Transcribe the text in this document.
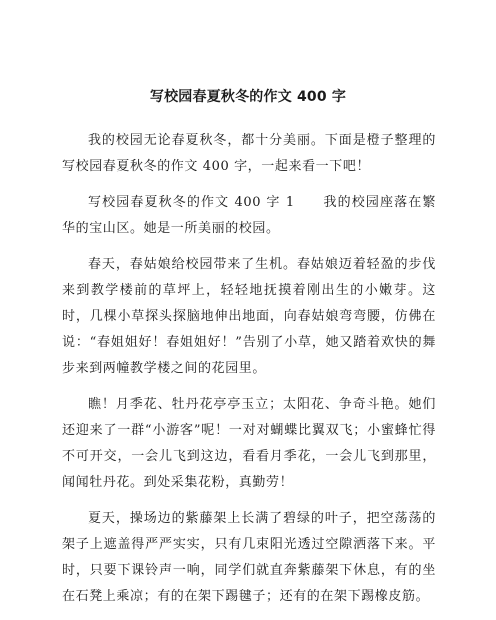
写校园春夏秋冬的作文 400 字

我的校园无论春夏秋冬，都十分美丽。下面是橙子整理的写校园春夏秋冬的作文 400 字，一起来看一下吧！

写校园春夏秋冬的作文 400 字 1　　我的校园座落在繁华的宝山区。她是一所美丽的校园。

春天，春姑娘给校园带来了生机。春姑娘迈着轻盈的步伐来到教学楼前的草坪上，轻轻地抚摸着刚出生的小嫩芽。这时，几棵小草探头探脑地伸出地面，向春姑娘弯弯腰，仿佛在说：“春姐姐好！春姐姐好！”告别了小草，她又踏着欢快的舞步来到两幢教学楼之间的花园里。

瞧！月季花、牡丹花亭亭玉立；太阳花、争奇斗艳。她们还迎来了一群“小游客”呢！一对对蝴蝶比翼双飞；小蜜蜂忙得不可开交，一会儿飞到这边，看看月季花，一会儿飞到那里，闻闻牡丹花。到处采集花粉，真勤劳！

夏天，操场边的紫藤架上长满了碧绿的叶子，把空荡荡的架子上遮盖得严严实实，只有几束阳光透过空隙洒落下来。平时，只要下课铃声一响，同学们就直奔紫藤架下休息，有的坐在石凳上乘凉；有的在架下踢毽子；还有的在架下踢橡皮筋。
